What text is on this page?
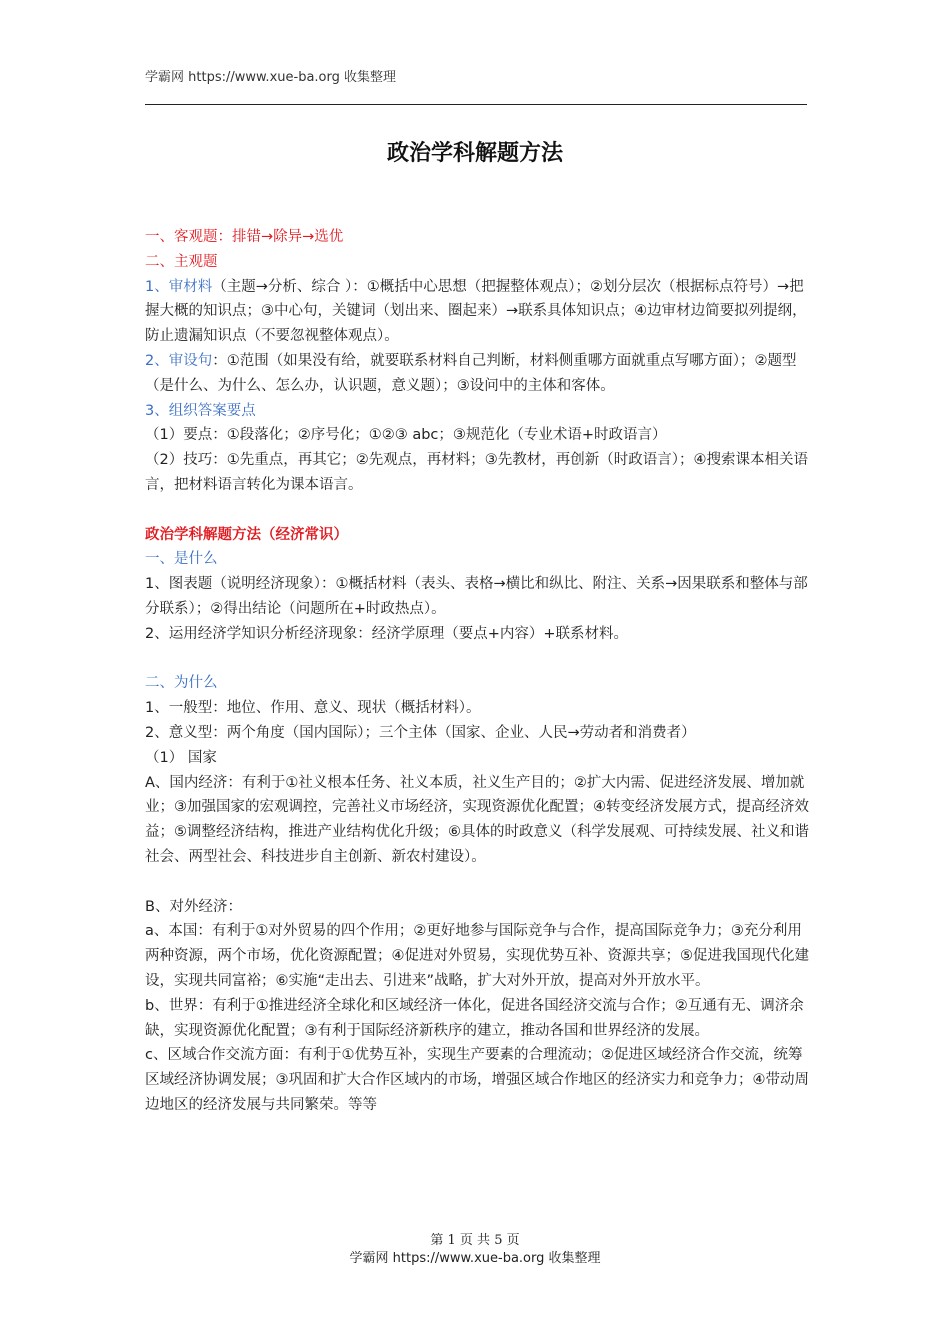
学霸网 https://www.xue-ba.org 收集整理
政治学科解题方法

一、客观题：排错→除异→选优

二、主观题

1、审材料（主题→分析、综合 ）：①概括中心思想（把握整体观点）；②划分层次（根据标点符号）→把握大概的知识点；③中心句，关键词（划出来、圈起来）→联系具体知识点；④边审材边简要拟列提纲，防止遗漏知识点（不要忽视整体观点）。

2、审设句：①范围（如果没有给，就要联系材料自己判断，材料侧重哪方面就重点写哪方面）；②题型（是什么、为什么、怎么办，认识题，意义题）；③设问中的主体和客体。

3、组织答案要点

（1）要点：①段落化；②序号化；①②③ abc；③规范化（专业术语+时政语言）

（2）技巧：①先重点，再其它；②先观点，再材料；③先教材，再创新（时政语言）；④搜索课本相关语言，把材料语言转化为课本语言。

政治学科解题方法（经济常识）

一、是什么

1、图表题（说明经济现象）：①概括材料（表头、表格→横比和纵比、附注、关系→因果联系和整体与部分联系）；②得出结论（问题所在+时政热点）。

2、运用经济学知识分析经济现象：经济学原理（要点+内容）+联系材料。

二、为什么

1、一般型：地位、作用、意义、现状（概括材料）。

2、意义型：两个角度（国内国际）；三个主体（国家、企业、人民→劳动者和消费者）

（1） 国家

A、国内经济：有利于①社义根本任务、社义本质，社义生产目的；②扩大内需、促进经济发展、增加就业；③加强国家的宏观调控，完善社义市场经济，实现资源优化配置；④转变经济发展方式，提高经济效益；⑤调整经济结构，推进产业结构优化升级；⑥具体的时政意义（科学发展观、可持续发展、社义和谐社会、两型社会、科技进步自主创新、新农村建设）。

B、对外经济：

a、本国：有利于①对外贸易的四个作用；②更好地参与国际竞争与合作，提高国际竞争力；③充分利用两种资源，两个市场，优化资源配置；④促进对外贸易，实现优势互补、资源共享；⑤促进我国现代化建设，实现共同富裕；⑥实施“走出去、引进来”战略，扩大对外开放，提高对外开放水平。

b、世界：有利于①推进经济全球化和区域经济一体化，促进各国经济交流与合作；②互通有无、调济余缺，实现资源优化配置；③有利于国际经济新秩序的建立，推动各国和世界经济的发展。

c、区域合作交流方面：有利于①优势互补，实现生产要素的合理流动；②促进区域经济合作交流，统筹区域经济协调发展；③巩固和扩大合作区域内的市场，增强区域合作地区的经济实力和竞争力；④带动周边地区的经济发展与共同繁荣。等等

第 1 页 共 5 页
学霸网 https://www.xue-ba.org 收集整理
